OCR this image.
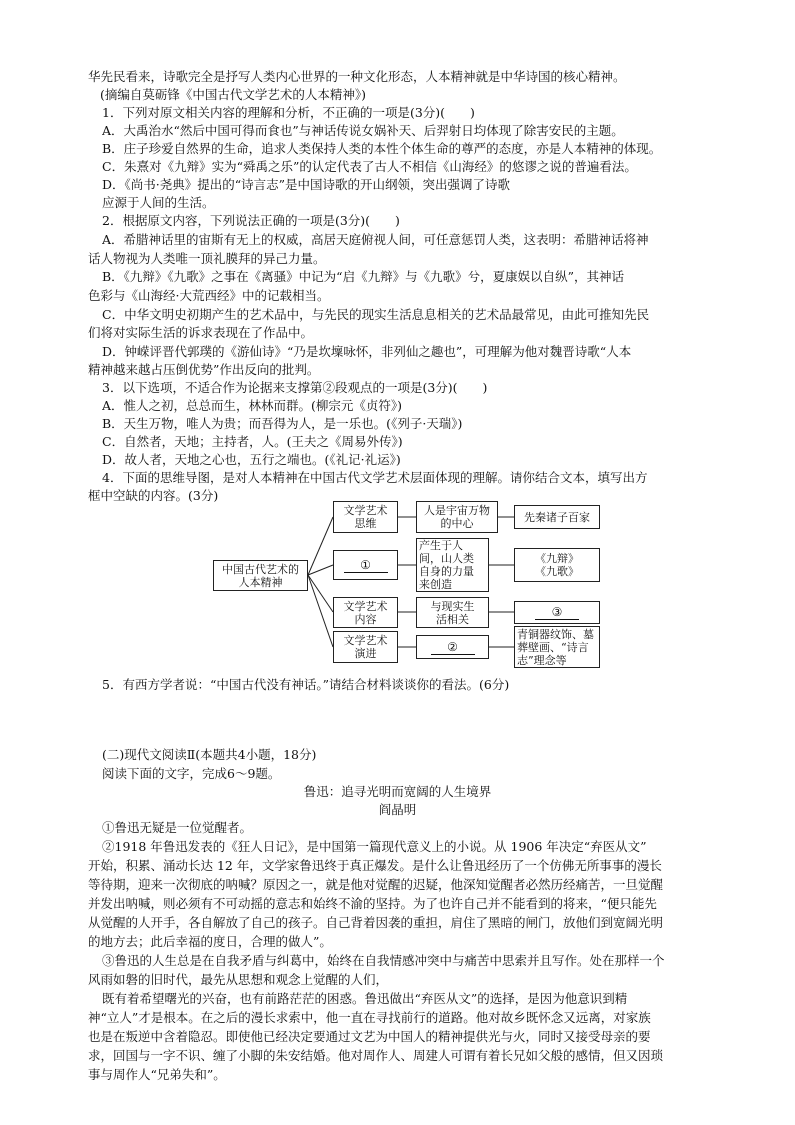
华先民看来，诗歌完全是抒写人类内心世界的一种文化形态，人本精神就是中华诗国的核心精神。
(摘编自莫砺锋《中国古代文学艺术的人本精神》)
1．下列对原文相关内容的理解和分析，不正确的一项是(3分)(　　)
A．大禹治水“然后中国可得而食也”与神话传说女娲补天、后羿射日均体现了除害安民的主题。
B．庄子珍爱自然界的生命，追求人类保持人类的本性个体生命的尊严的态度，亦是人本精神的体现。
C．朱熹对《九辩》实为“舜禹之乐”的认定代表了古人不相信《山海经》的悠谬之说的普遍看法。
D．《尚书·尧典》提出的“诗言志”是中国诗歌的开山纲领，突出强调了诗歌
应源于人间的生活。
2．根据原文内容，下列说法正确的一项是(3分)(　　)
A．希腊神话里的宙斯有无上的权威，高居天庭俯视人间，可任意惩罚人类，这表明：希腊神话将神
话人物视为人类唯一顶礼膜拜的异己力量。
B．《九辩》《九歌》之事在《离骚》中记为“启《九辩》与《九歌》兮，夏康娱以自纵”，其神话
色彩与《山海经·大荒西经》中的记载相当。
C．中华文明史初期产生的艺术品中，与先民的现实生活息息相关的艺术品最常见，由此可推知先民
们将对实际生活的诉求表现在了作品中。
D．钟嵘评晋代郭璞的《游仙诗》“乃是坎壈咏怀，非列仙之趣也”，可理解为他对魏晋诗歌“人本
精神越来越占压倒优势”作出反向的批判。
3．以下选项，不适合作为论据来支撑第②段观点的一项是(3分)(　　)
A．惟人之初，总总而生，林林而群。(柳宗元《贞符》)
B．天生万物，唯人为贵；而吾得为人，是一乐也。(《列子·天瑞》)
C．自然者，天地；主持者，人。(王夫之《周易外传》)
D．故人者，天地之心也，五行之端也。(《礼记·礼运》)
4．下面的思维导图，是对人本精神在中国古代文学艺术层面体现的理解。请你结合文本，填写出方
框中空缺的内容。(3分)
中国古代艺术的人本精神
文学艺术思维
人是宇宙万物的中心	先秦诸子百家
①
产生于人间，山人类自身的力量来创造
《九辩》
《九歌》
文学艺术内容
与现实生活相关	③
文学艺术演进	②
青铜器纹饰、墓葬壁画、“诗言志”理念等
5．有西方学者说：“中国古代没有神话。”请结合材料谈谈你的看法。(6分)
(二)现代文阅读Ⅱ(本题共4小题，18分)
阅读下面的文字，完成6～9题。
鲁迅：追寻光明而宽阔的人生境界
阎晶明
①鲁迅无疑是一位觉醒者。
②1918 年鲁迅发表的《狂人日记》，是中国第一篇现代意义上的小说。从 1906 年决定“弃医从文”
开始，积累、涌动长达 12 年，文学家鲁迅终于真正爆发。是什么让鲁迅经历了一个仿佛无所事事的漫长
等待期，迎来一次彻底的呐喊？原因之一，就是他对觉醒的迟疑，他深知觉醒者必然历经痛苦，一旦觉醒
并发出呐喊，则必须有不可动摇的意志和始终不渝的坚持。为了也许自己并不能看到的将来，“便只能先
从觉醒的人开手，各自解放了自己的孩子。自己背着因袭的重担，肩住了黑暗的闸门，放他们到宽阔光明
的地方去；此后幸福的度日，合理的做人”。
③鲁迅的人生总是在自我矛盾与纠葛中，始终在自我情感冲突中与痛苦中思索并且写作。处在那样一个
风雨如磐的旧时代，最先从思想和观念上觉醒的人们，
既有着希望曙光的兴奋，也有前路茫茫的困惑。鲁迅做出“弃医从文”的选择，是因为他意识到精
神“立人”才是根本。在之后的漫长求索中，他一直在寻找前行的道路。他对故乡既怀念又远离，对家族
也是在叛逆中含着隐忍。即使他已经决定要通过文艺为中国人的精神提供光与火，同时又接受母亲的要
求，回国与一字不识、缠了小脚的朱安结婚。他对周作人、周建人可谓有着长兄如父般的感情，但又因琐
事与周作人“兄弟失和”。
